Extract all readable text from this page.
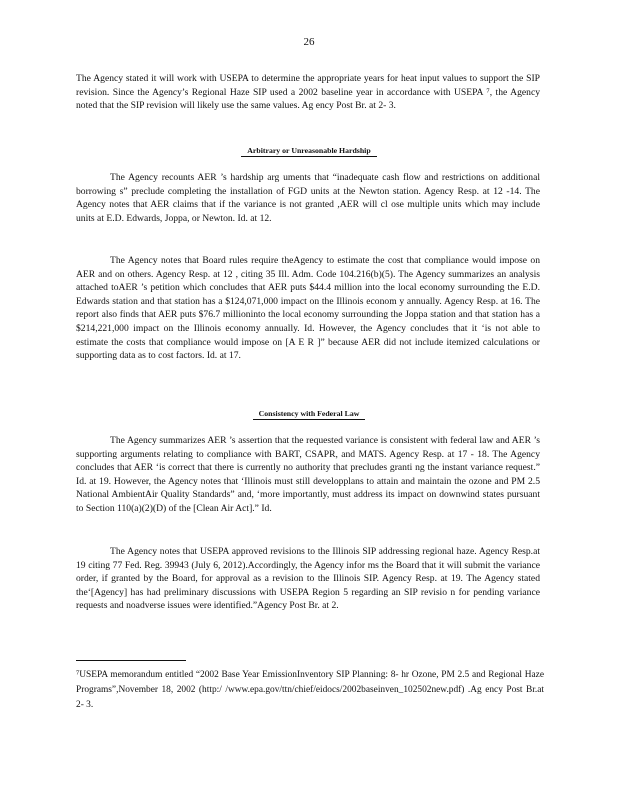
26

The Agency stated it will work with USEPA to determine the appropriate years for heat input values to support the SIP revision. Since the Agency’s Regional Haze SIP used a 2002 baseline year in accordance with USEPA ⁷, the Agency noted that the SIP revision will likely use the same values. Ag ency Post Br. at 2- 3.

Arbitrary or Unreasonable Hardship

The Agency recounts AER ’s hardship arg uments that “inadequate cash flow and restrictions on additional borrowing s” preclude completing the installation of FGD units at the Newton station. Agency Resp. at 12 -14. The Agency notes that AER claims that if the variance is not granted ,AER will cl ose multiple units which may include units at E.D. Edwards, Joppa, or Newton. Id. at 12.

The Agency notes that Board rules require theAgency to estimate the cost that compliance would impose on AER and on others. Agency Resp. at 12 , citing 35 Ill. Adm. Code 104.216(b)(5). The Agency summarizes an analysis attached toAER ’s petition which concludes that AER puts $44.4 million into the local economy surrounding the E.D. Edwards station and that station has a $124,071,000 impact on the Illinois econom y annually. Agency Resp. at 16. The report also finds that AER puts $76.7 millioninto the local economy surrounding the Joppa station and that station has a $214,221,000 impact on the Illinois economy annually. Id. However, the Agency concludes that it ‘is not able to estimate the costs that compliance would impose on [A E R ]” because AER did not include itemized calculations or supporting data as to cost factors. Id. at 17.

Consistency with Federal Law

The Agency summarizes AER ’s assertion that the requested variance is consistent with federal law and AER ’s supporting arguments relating to compliance with BART, CSAPR, and MATS. Agency Resp. at 17 - 18. The Agency concludes that AER ‘is correct that there is currently no authority that precludes granti ng the instant variance request.” Id. at 19. However, the Agency notes that ‘Illinois must still developplans to attain and maintain the ozone and PM 2.5 National AmbientAir Quality Standards” and, ‘more importantly, must address its impact on downwind states pursuant to Section 110(a)(2)(D) of the [Clean Air Act].” Id.

The Agency notes that USEPA approved revisions to the Illinois SIP addressing regional haze. Agency Resp.at 19 citing 77 Fed. Reg. 39943 (July 6, 2012).Accordingly, the Agency infor ms the Board that it will submit the variance order, if granted by the Board, for approval as a revision to the Illinois SIP. Agency Resp. at 19. The Agency stated the‘[Agency] has had preliminary discussions with USEPA Region 5 regarding an SIP revisio n for pending variance requests and noadverse issues were identified.”Agency Post Br. at 2.

⁷USEPA memorandum entitled “2002 Base Year EmissionInventory SIP Planning: 8- hr Ozone, PM 2.5 and Regional Haze Programs”,November 18, 2002 (http:/ /www.epa.gov/ttn/chief/eidocs/2002baseinven_102502new.pdf) .Ag ency Post Br.at 2- 3.
